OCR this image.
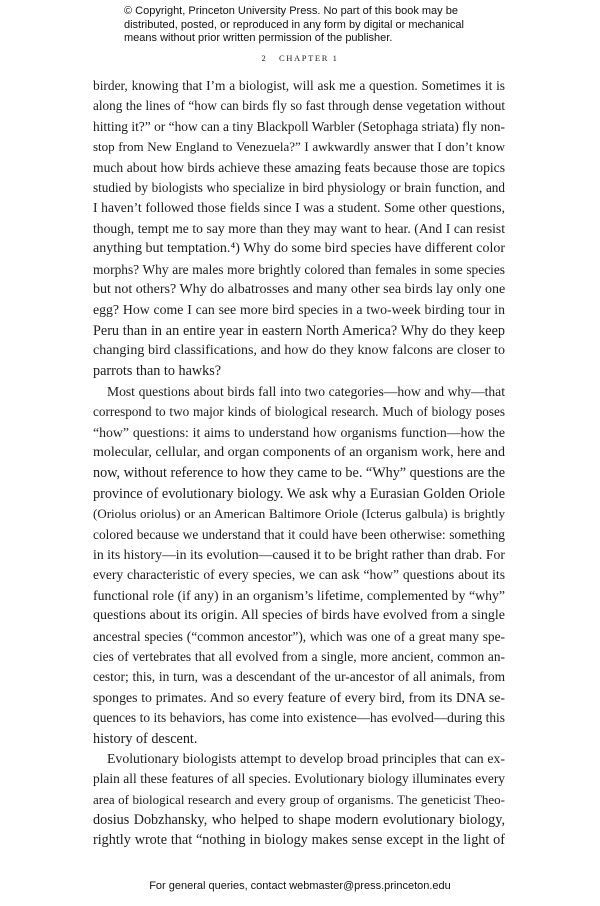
© Copyright, Princeton University Press. No part of this book may be
distributed, posted, or reproduced in any form by digital or mechanical
means without prior written permission of the publisher.
2 CHAPTER 1
birder, knowing that I’m a biologist, will ask me a question. Sometimes it is
along the lines of “how can birds fly so fast through dense vegetation without
hitting it?” or “how can a tiny Blackpoll Warbler (Setophaga striata) fly non-
stop from New England to Venezuela?” I awkwardly answer that I don’t know
much about how birds achieve these amazing feats because those are topics
studied by biologists who specialize in bird physiology or brain function, and
I haven’t followed those fields since I was a student. Some other questions,
though, tempt me to say more than they may want to hear. (And I can resist
anything but temptation.⁴) Why do some bird species have different color
morphs? Why are males more brightly colored than females in some species
but not others? Why do albatrosses and many other sea birds lay only one
egg? How come I can see more bird species in a two-week birding tour in
Peru than in an entire year in eastern North America? Why do they keep
changing bird classifications, and how do they know falcons are closer to
parrots than to hawks?
Most questions about birds fall into two categories—how and why—that
correspond to two major kinds of biological research. Much of biology poses
“how” questions: it aims to understand how organisms function—how the
molecular, cellular, and organ components of an organism work, here and
now, without reference to how they came to be. “Why” questions are the
province of evolutionary biology. We ask why a Eurasian Golden Oriole
(Oriolus oriolus) or an American Baltimore Oriole (Icterus galbula) is brightly
colored because we understand that it could have been otherwise: something
in its history—in its evolution—caused it to be bright rather than drab. For
every characteristic of every species, we can ask “how” questions about its
functional role (if any) in an organism’s lifetime, complemented by “why”
questions about its origin. All species of birds have evolved from a single
ancestral species (“common ancestor”), which was one of a great many spe-
cies of vertebrates that all evolved from a single, more ancient, common an-
cestor; this, in turn, was a descendant of the ur-ancestor of all animals, from
sponges to primates. And so every feature of every bird, from its DNA se-
quences to its behaviors, has come into existence—has evolved—during this
history of descent.
Evolutionary biologists attempt to develop broad principles that can ex-
plain all these features of all species. Evolutionary biology illuminates every
area of biological research and every group of organisms. The geneticist Theo-
dosius Dobzhansky, who helped to shape modern evolutionary biology,
rightly wrote that “nothing in biology makes sense except in the light of
For general queries, contact webmaster@press.princeton.edu
